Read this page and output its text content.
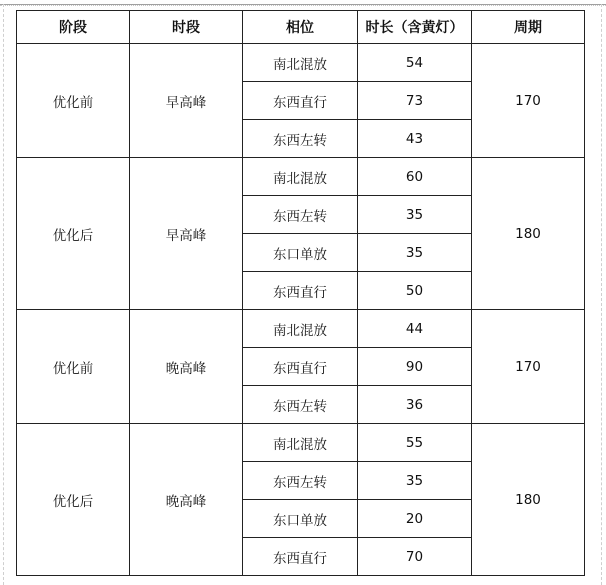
阶段	时段	相位	时长（含黄灯）	周期
优化前	早高峰	南北混放	54	170
		东西直行	73	
		东西左转	43	
优化后	早高峰	南北混放	60	180
		东西左转	35	
		东口单放	35	
		东西直行	50	
优化前	晚高峰	南北混放	44	170
		东西直行	90	
		东西左转	36	
优化后	晚高峰	南北混放	55	180
		东西左转	35	
		东口单放	20	
		东西直行	70	
